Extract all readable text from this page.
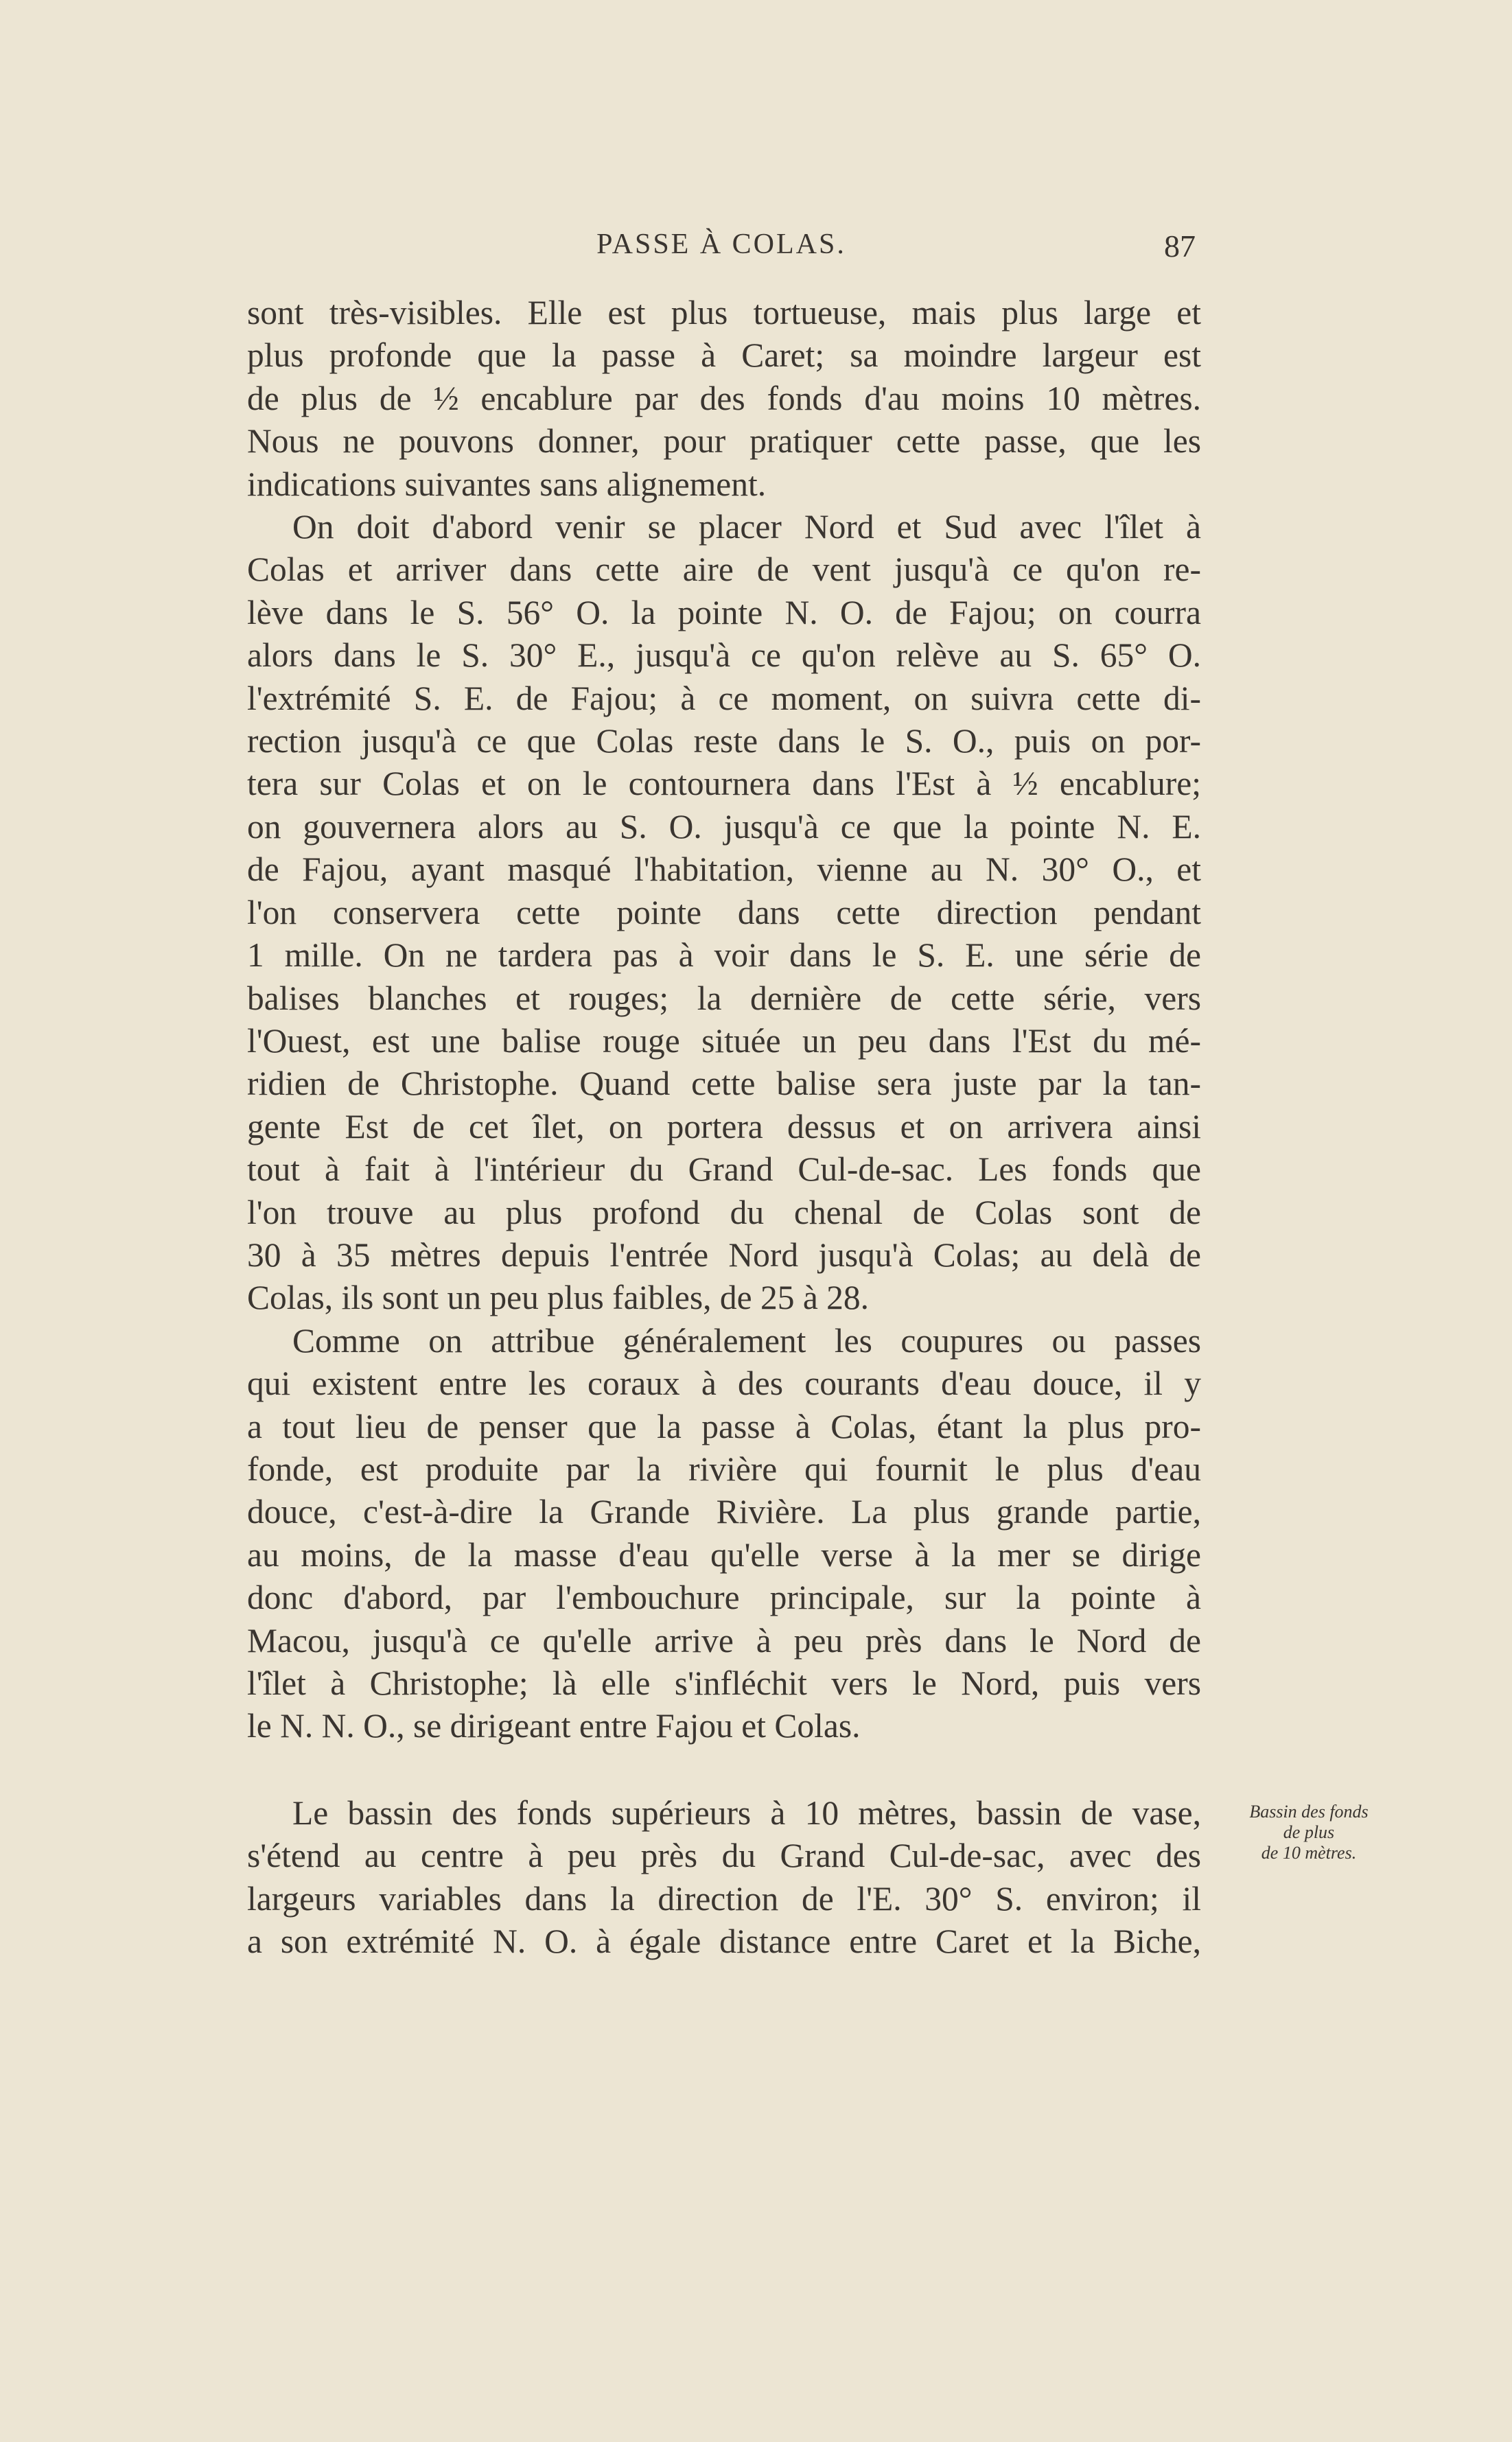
PASSE À COLAS.	87
sont très-visibles. Elle est plus tortueuse, mais plus large et
plus profonde que la passe à Caret; sa moindre largeur est
de plus de ½ encablure par des fonds d'au moins 10 mètres.
Nous ne pouvons donner, pour pratiquer cette passe, que les
indications suivantes sans alignement.
On doit d'abord venir se placer Nord et Sud avec l'îlet à
Colas et arriver dans cette aire de vent jusqu'à ce qu'on re-
lève dans le S. 56° O. la pointe N. O. de Fajou; on courra
alors dans le S. 30° E., jusqu'à ce qu'on relève au S. 65° O.
l'extrémité S. E. de Fajou; à ce moment, on suivra cette di-
rection jusqu'à ce que Colas reste dans le S. O., puis on por-
tera sur Colas et on le contournera dans l'Est à ½ encablure;
on gouvernera alors au S. O. jusqu'à ce que la pointe N. E.
de Fajou, ayant masqué l'habitation, vienne au N. 30° O., et
l'on conservera cette pointe dans cette direction pendant
1 mille. On ne tardera pas à voir dans le S. E. une série de
balises blanches et rouges; la dernière de cette série, vers
l'Ouest, est une balise rouge située un peu dans l'Est du mé-
ridien de Christophe. Quand cette balise sera juste par la tan-
gente Est de cet îlet, on portera dessus et on arrivera ainsi
tout à fait à l'intérieur du Grand Cul-de-sac. Les fonds que
l'on trouve au plus profond du chenal de Colas sont de
30 à 35 mètres depuis l'entrée Nord jusqu'à Colas; au delà de
Colas, ils sont un peu plus faibles, de 25 à 28.
Comme on attribue généralement les coupures ou passes
qui existent entre les coraux à des courants d'eau douce, il y
a tout lieu de penser que la passe à Colas, étant la plus pro-
fonde, est produite par la rivière qui fournit le plus d'eau
douce, c'est-à-dire la Grande Rivière. La plus grande partie,
au moins, de la masse d'eau qu'elle verse à la mer se dirige
donc d'abord, par l'embouchure principale, sur la pointe à
Macou, jusqu'à ce qu'elle arrive à peu près dans le Nord de
l'îlet à Christophe; là elle s'infléchit vers le Nord, puis vers
le N. N. O., se dirigeant entre Fajou et Colas.
Le bassin des fonds supérieurs à 10 mètres, bassin de vase,
s'étend au centre à peu près du Grand Cul-de-sac, avec des
largeurs variables dans la direction de l'E. 30° S. environ; il
a son extrémité N. O. à égale distance entre Caret et la Biche,
Bassin des fonds
de plus
de 10 mètres.
